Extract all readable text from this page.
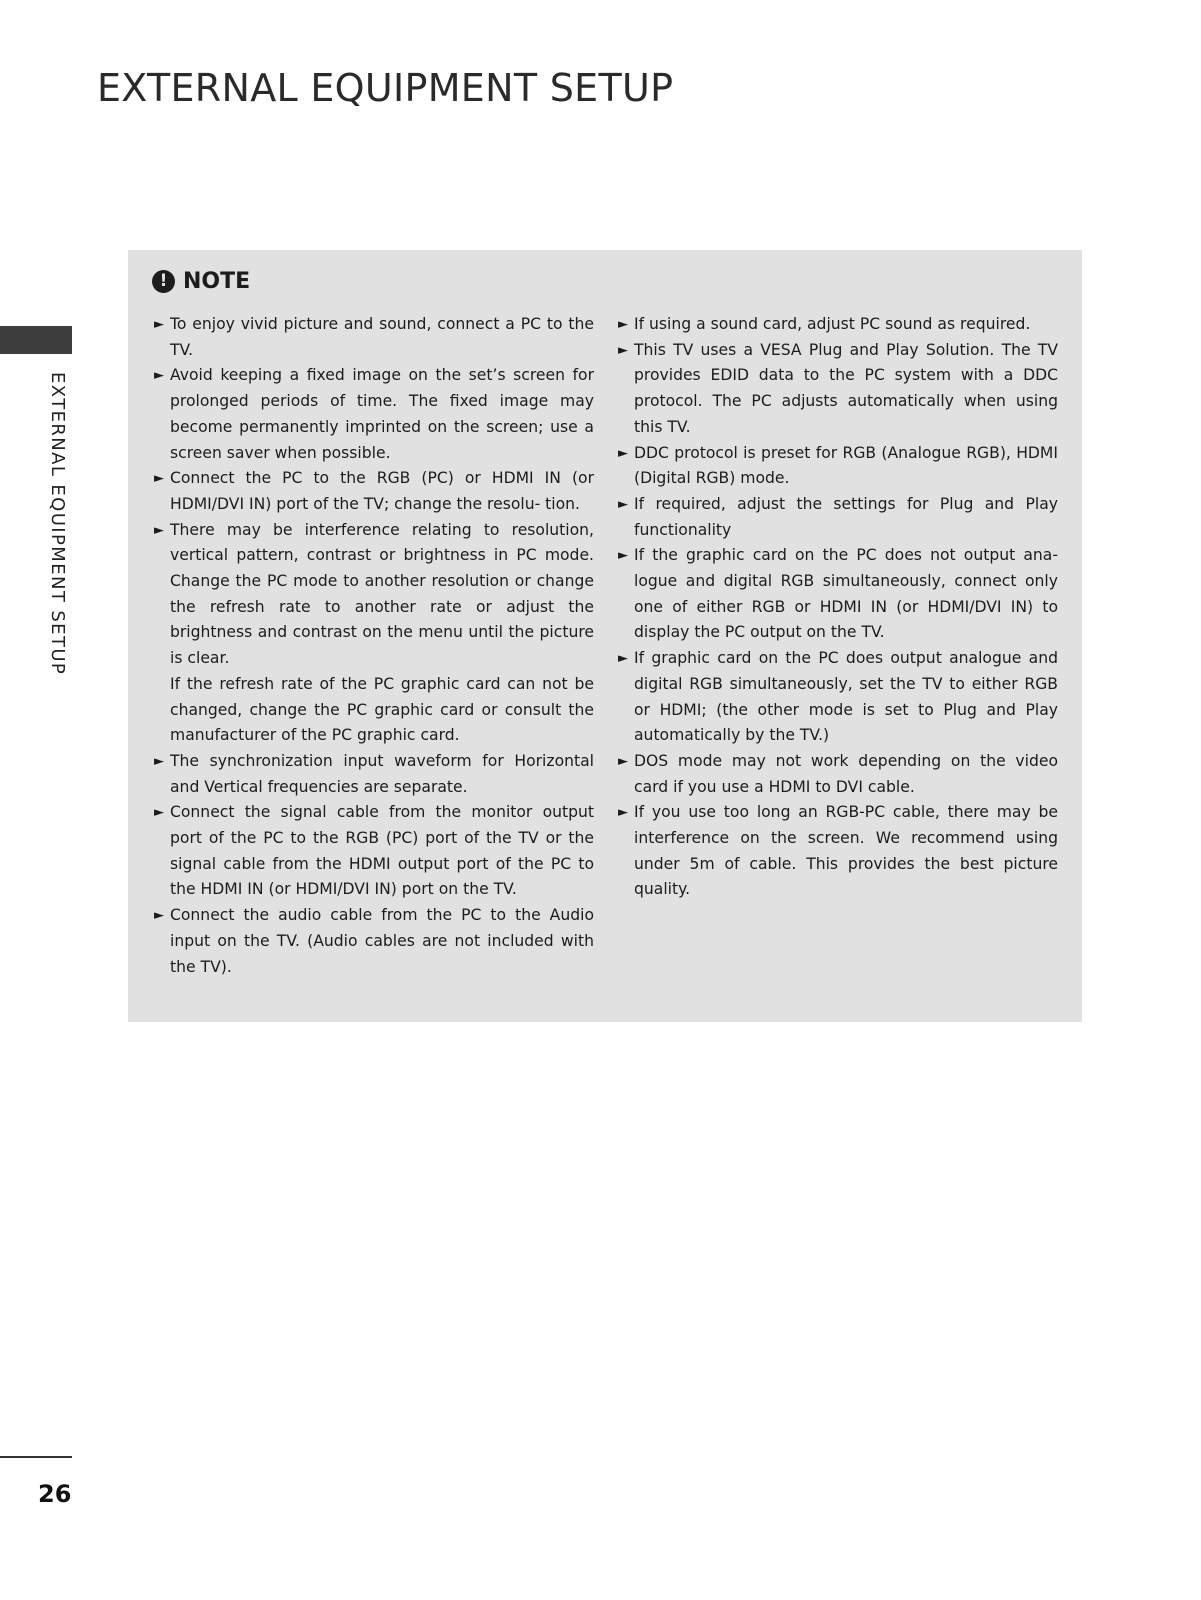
EXTERNAL EQUIPMENT SETUP
EXTERNAL EQUIPMENT SETUP
! NOTE
► To enjoy vivid picture and sound, connect a PC to the TV.
► Avoid keeping a fixed image on the set’s screen for prolonged periods of time. The fixed image may become permanently imprinted on the screen; use a screen saver when possible.
► Connect the PC to the RGB (PC) or HDMI IN (or HDMI/DVI IN) port of the TV; change the resolu- tion.
► There may be interference relating to resolution, vertical pattern, contrast or brightness in PC mode. Change the PC mode to another resolution or change the refresh rate to another rate or adjust the brightness and contrast on the menu until the picture is clear.
If the refresh rate of the PC graphic card can not be changed, change the PC graphic card or consult the manufacturer of the PC graphic card.
► The synchronization input waveform for Horizontal and Vertical frequencies are separate.
► Connect the signal cable from the monitor output port of the PC to the RGB (PC) port of the TV or the signal cable from the HDMI output port of the PC to the HDMI IN (or HDMI/DVI IN) port on the TV.
► Connect the audio cable from the PC to the Audio input on the TV. (Audio cables are not included with the TV).
► If using a sound card, adjust PC sound as required.
► This TV uses a VESA Plug and Play Solution. The TV provides EDID data to the PC system with a DDC protocol. The PC adjusts automatically when using this TV.
► DDC protocol is preset for RGB (Analogue RGB), HDMI (Digital RGB) mode.
► If required, adjust the settings for Plug and Play functionality
► If the graphic card on the PC does not output ana- logue and digital RGB simultaneously, connect only one of either RGB or HDMI IN (or HDMI/DVI IN) to display the PC output on the TV.
► If graphic card on the PC does output analogue and digital RGB simultaneously, set the TV to either RGB or HDMI; (the other mode is set to Plug and Play automatically by the TV.)
► DOS mode may not work depending on the video card if you use a HDMI to DVI cable.
► If you use too long an RGB-PC cable, there may be interference on the screen. We recommend using under 5m of cable. This provides the best picture quality.
26
